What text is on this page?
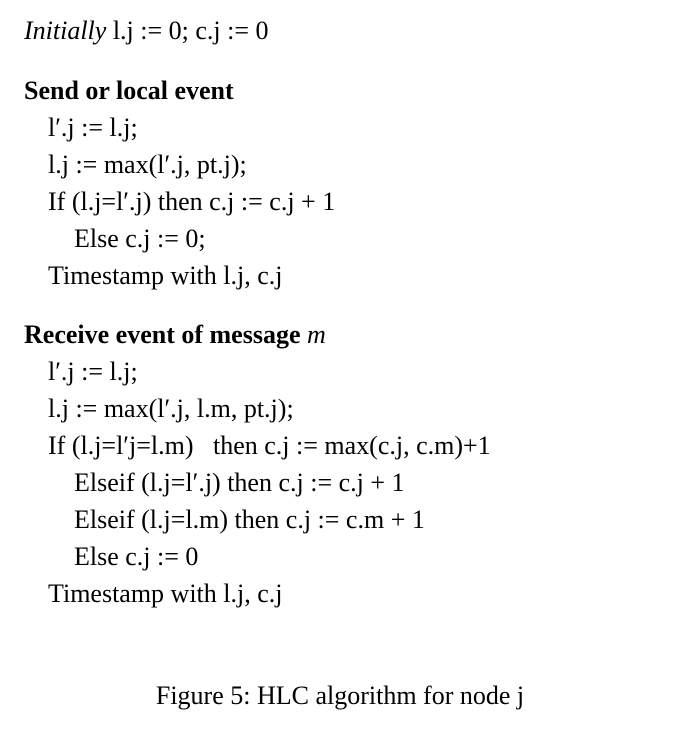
Initially l.j := 0; c.j := 0
Send or local event
l′.j := l.j;
l.j := max(l′.j, pt.j);
If (l.j=l′.j) then c.j := c.j + 1
Else c.j := 0;
Timestamp with l.j, c.j
Receive event of message m
l′.j := l.j;
l.j := max(l′.j, l.m, pt.j);
If (l.j=l′j=l.m)   then c.j := max(c.j, c.m)+1
Elseif (l.j=l′.j) then c.j := c.j + 1
Elseif (l.j=l.m) then c.j := c.m + 1
Else c.j := 0
Timestamp with l.j, c.j
Figure 5: HLC algorithm for node j
